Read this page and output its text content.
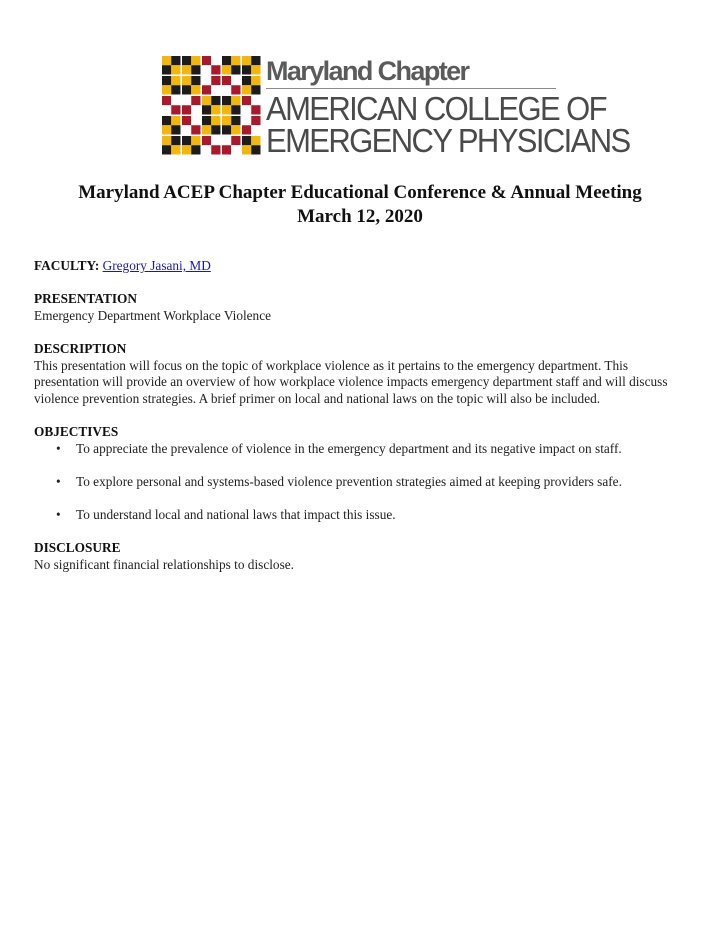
Maryland Chapter
AMERICAN COLLEGE OF
EMERGENCY PHYSICIANS
Maryland ACEP Chapter Educational Conference & Annual Meeting
March 12, 2020

FACULTY: Gregory Jasani, MD

PRESENTATION

Emergency Department Workplace Violence

DESCRIPTION

This presentation will focus on the topic of workplace violence as it pertains to the emergency department. This presentation will provide an overview of how workplace violence impacts emergency department staff and will discuss violence prevention strategies. A brief primer on local and national laws on the topic will also be included.

OBJECTIVES

• To appreciate the prevalence of violence in the emergency department and its negative impact on staff.
• To explore personal and systems-based violence prevention strategies aimed at keeping providers safe.
• To understand local and national laws that impact this issue.

DISCLOSURE

No significant financial relationships to disclose.
